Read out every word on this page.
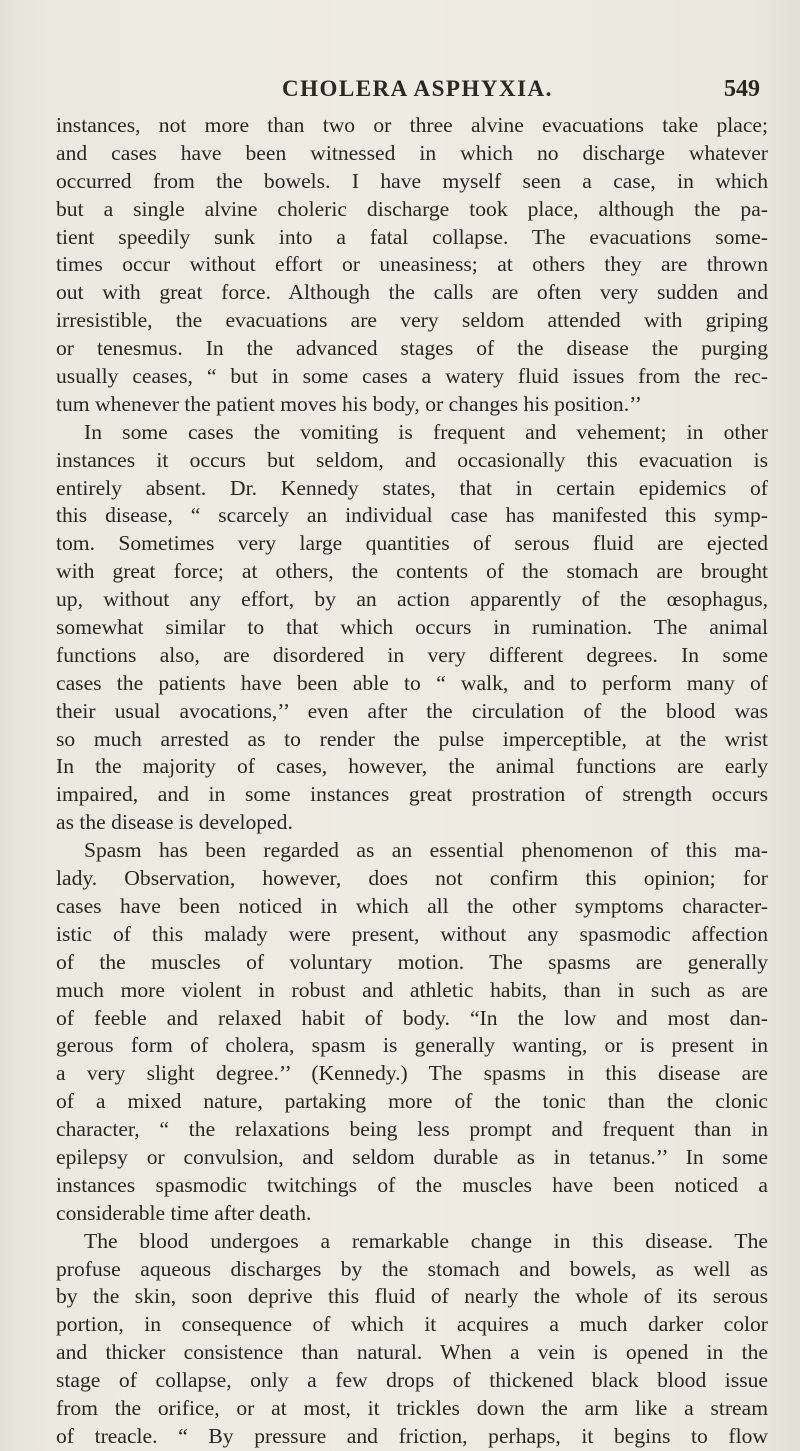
CHOLERA ASPHYXIA.	549
instances, not more than two or three alvine evacuations take place;
and cases have been witnessed in which no discharge whatever
occurred from the bowels. I have myself seen a case, in which
but a single alvine choleric discharge took place, although the pa-
tient speedily sunk into a fatal collapse. The evacuations some-
times occur without effort or uneasiness; at others they are thrown
out with great force. Although the calls are often very sudden and
irresistible, the evacuations are very seldom attended with griping
or tenesmus. In the advanced stages of the disease the purging
usually ceases, “ but in some cases a watery fluid issues from the rec-
tum whenever the patient moves his body, or changes his position.’’
In some cases the vomiting is frequent and vehement; in other
instances it occurs but seldom, and occasionally this evacuation is
entirely absent. Dr. Kennedy states, that in certain epidemics of
this disease, “ scarcely an individual case has manifested this symp-
tom. Sometimes very large quantities of serous fluid are ejected
with great force; at others, the contents of the stomach are brought
up, without any effort, by an action apparently of the œsophagus,
somewhat similar to that which occurs in rumination. The animal
functions also, are disordered in very different degrees. In some
cases the patients have been able to “ walk, and to perform many of
their usual avocations,’’ even after the circulation of the blood was
so much arrested as to render the pulse imperceptible, at the wrist
In the majority of cases, however, the animal functions are early
impaired, and in some instances great prostration of strength occurs
as the disease is developed.
Spasm has been regarded as an essential phenomenon of this ma-
lady. Observation, however, does not confirm this opinion; for
cases have been noticed in which all the other symptoms character-
istic of this malady were present, without any spasmodic affection
of the muscles of voluntary motion. The spasms are generally
much more violent in robust and athletic habits, than in such as are
of feeble and relaxed habit of body. “In the low and most dan-
gerous form of cholera, spasm is generally wanting, or is present in
a very slight degree.’’ (Kennedy.) The spasms in this disease are
of a mixed nature, partaking more of the tonic than the clonic
character, “ the relaxations being less prompt and frequent than in
epilepsy or convulsion, and seldom durable as in tetanus.’’ In some
instances spasmodic twitchings of the muscles have been noticed a
considerable time after death.
The blood undergoes a remarkable change in this disease. The
profuse aqueous discharges by the stomach and bowels, as well as
by the skin, soon deprive this fluid of nearly the whole of its serous
portion, in consequence of which it acquires a much darker color
and thicker consistence than natural. When a vein is opened in the
stage of collapse, only a few drops of thickened black blood issue
from the orifice, or at most, it trickles down the arm like a stream
of treacle. “ By pressure and friction, perhaps, it begins to flow
